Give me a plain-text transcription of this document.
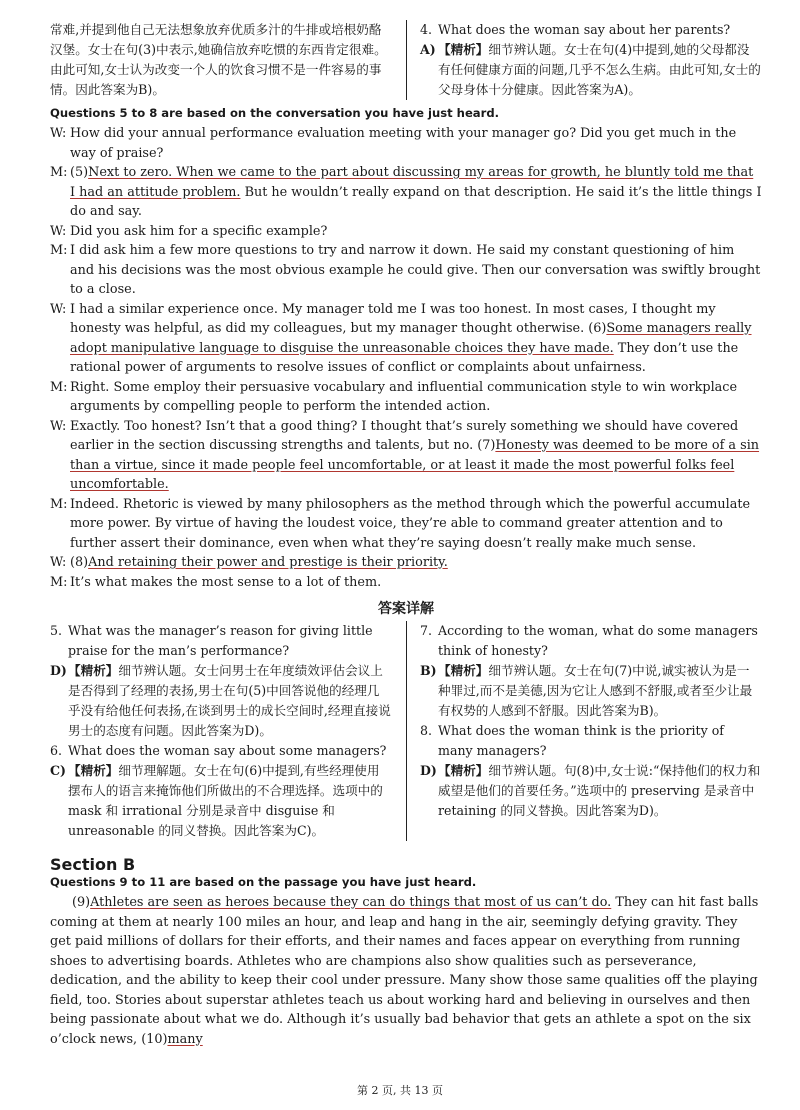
常难,并提到他自己无法想象放弃优质多汁的牛排或培根奶酪汉堡。女士在句(3)中表示,她确信放弃吃惯的东西肯定很难。由此可知,女士认为改变一个人的饮食习惯不是一件容易的事情。因此答案为B)。
4. What does the woman say about her parents?
A) 【精析】细节辨认题。女士在句(4)中提到,她的父母都没有任何健康方面的问题,几乎不怎么生病。由此可知,女士的父母身体十分健康。因此答案为A)。
Questions 5 to 8 are based on the conversation you have just heard.
W: How did your annual performance evaluation meeting with your manager go? Did you get much in the way of praise?
M: (5)Next to zero. When we came to the part about discussing my areas for growth, he bluntly told me that I had an attitude problem. But he wouldn’t really expand on that description. He said it’s the little things I do and say.
W: Did you ask him for a specific example?
M: I did ask him a few more questions to try and narrow it down. He said my constant questioning of him and his decisions was the most obvious example he could give. Then our conversation was swiftly brought to a close.
W: I had a similar experience once. My manager told me I was too honest. In most cases, I thought my honesty was helpful, as did my colleagues, but my manager thought otherwise. (6)Some managers really adopt manipulative language to disguise the unreasonable choices they have made. They don’t use the rational power of arguments to resolve issues of conflict or complaints about unfairness.
M: Right. Some employ their persuasive vocabulary and influential communication style to win workplace arguments by compelling people to perform the intended action.
W: Exactly. Too honest? Isn’t that a good thing? I thought that’s surely something we should have covered earlier in the section discussing strengths and talents, but no. (7)Honesty was deemed to be more of a sin than a virtue, since it made people feel uncomfortable, or at least it made the most powerful folks feel uncomfortable.
M: Indeed. Rhetoric is viewed by many philosophers as the method through which the powerful accumulate more power. By virtue of having the loudest voice, they’re able to command greater attention and to further assert their dominance, even when what they’re saying doesn’t really make much sense.
W: (8)And retaining their power and prestige is their priority.
M: It’s what makes the most sense to a lot of them.
答案详解
5. What was the manager’s reason for giving little praise for the man’s performance?
D) 【精析】细节辨认题。女士问男士在年度绩效评估会议上是否得到了经理的表扬,男士在句(5)中回答说他的经理几乎没有给他任何表扬,在谈到男士的成长空间时,经理直接说男士的态度有问题。因此答案为D)。
6. What does the woman say about some managers?
C) 【精析】细节理解题。女士在句(6)中提到,有些经理使用摆布人的语言来掩饰他们所做出的不合理选择。选项中的 mask 和 irrational 分别是录音中 disguise 和 unreasonable 的同义替换。因此答案为C)。
7. According to the woman, what do some managers think of honesty?
B) 【精析】细节辨认题。女士在句(7)中说,诚实被认为是一种罪过,而不是美德,因为它让人感到不舒服,或者至少让最有权势的人感到不舒服。因此答案为B)。
8. What does the woman think is the priority of many managers?
D) 【精析】细节辨认题。句(8)中,女士说:“保持他们的权力和威望是他们的首要任务。”选项中的 preserving 是录音中 retaining 的同义替换。因此答案为D)。
Section B
Questions 9 to 11 are based on the passage you have just heard.
(9)Athletes are seen as heroes because they can do things that most of us can’t do. They can hit fast balls coming at them at nearly 100 miles an hour, and leap and hang in the air, seemingly defying gravity. They get paid millions of dollars for their efforts, and their names and faces appear on everything from running shoes to advertising boards. Athletes who are champions also show qualities such as perseverance, dedication, and the ability to keep their cool under pressure. Many show those same qualities off the playing field, too. Stories about superstar athletes teach us about working hard and believing in ourselves and then being passionate about what we do. Although it’s usually bad behavior that gets an athlete a spot on the six o’clock news, (10)many
第 2 页, 共 13 页
